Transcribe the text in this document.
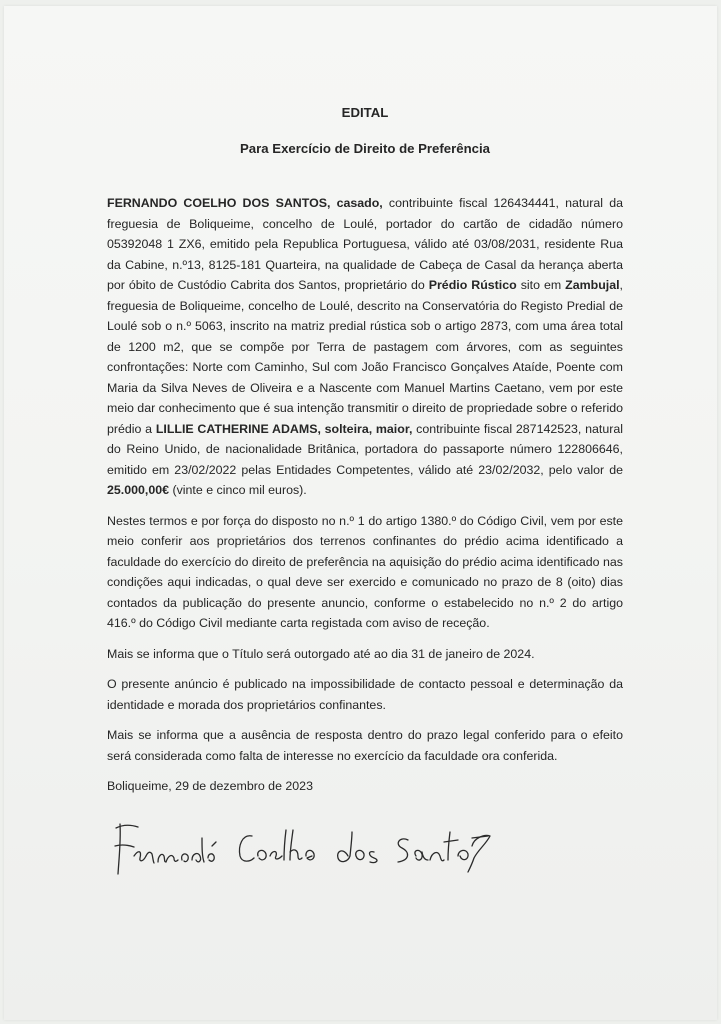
EDITAL
Para Exercício de Direito de Preferência

FERNANDO COELHO DOS SANTOS, casado, contribuinte fiscal 126434441, natural da freguesia de Boliqueime, concelho de Loulé, portador do cartão de cidadão número 05392048 1 ZX6, emitido pela Republica Portuguesa, válido até 03/08/2031, residente Rua da Cabine, n.º13, 8125-181 Quarteira, na qualidade de Cabeça de Casal da herança aberta por óbito de Custódio Cabrita dos Santos, proprietário do Prédio Rústico sito em Zambujal, freguesia de Boliqueime, concelho de Loulé, descrito na Conservatória do Registo Predial de Loulé sob o n.º 5063, inscrito na matriz predial rústica sob o artigo 2873, com uma área total de 1200 m2, que se compõe por Terra de pastagem com árvores, com as seguintes confrontações: Norte com Caminho, Sul com João Francisco Gonçalves Ataíde, Poente com Maria da Silva Neves de Oliveira e a Nascente com Manuel Martins Caetano, vem por este meio dar conhecimento que é sua intenção transmitir o direito de propriedade sobre o referido prédio a LILLIE CATHERINE ADAMS, solteira, maior, contribuinte fiscal 287142523, natural do Reino Unido, de nacionalidade Britânica, portadora do passaporte número 122806646, emitido em 23/02/2022 pelas Entidades Competentes, válido até 23/02/2032, pelo valor de 25.000,00€ (vinte e cinco mil euros).

Nestes termos e por força do disposto no n.º 1 do artigo 1380.º do Código Civil, vem por este meio conferir aos proprietários dos terrenos confinantes do prédio acima identificado a faculdade do exercício do direito de preferência na aquisição do prédio acima identificado nas condições aqui indicadas, o qual deve ser exercido e comunicado no prazo de 8 (oito) dias contados da publicação do presente anuncio, conforme o estabelecido no n.º 2 do artigo 416.º do Código Civil mediante carta registada com aviso de receção.

Mais se informa que o Título será outorgado até ao dia 31 de janeiro de 2024.

O presente anúncio é publicado na impossibilidade de contacto pessoal e determinação da identidade e morada dos proprietários confinantes.

Mais se informa que a ausência de resposta dentro do prazo legal conferido para o efeito será considerada como falta de interesse no exercício da faculdade ora conferida.

Boliqueime, 29 de dezembro de 2023
